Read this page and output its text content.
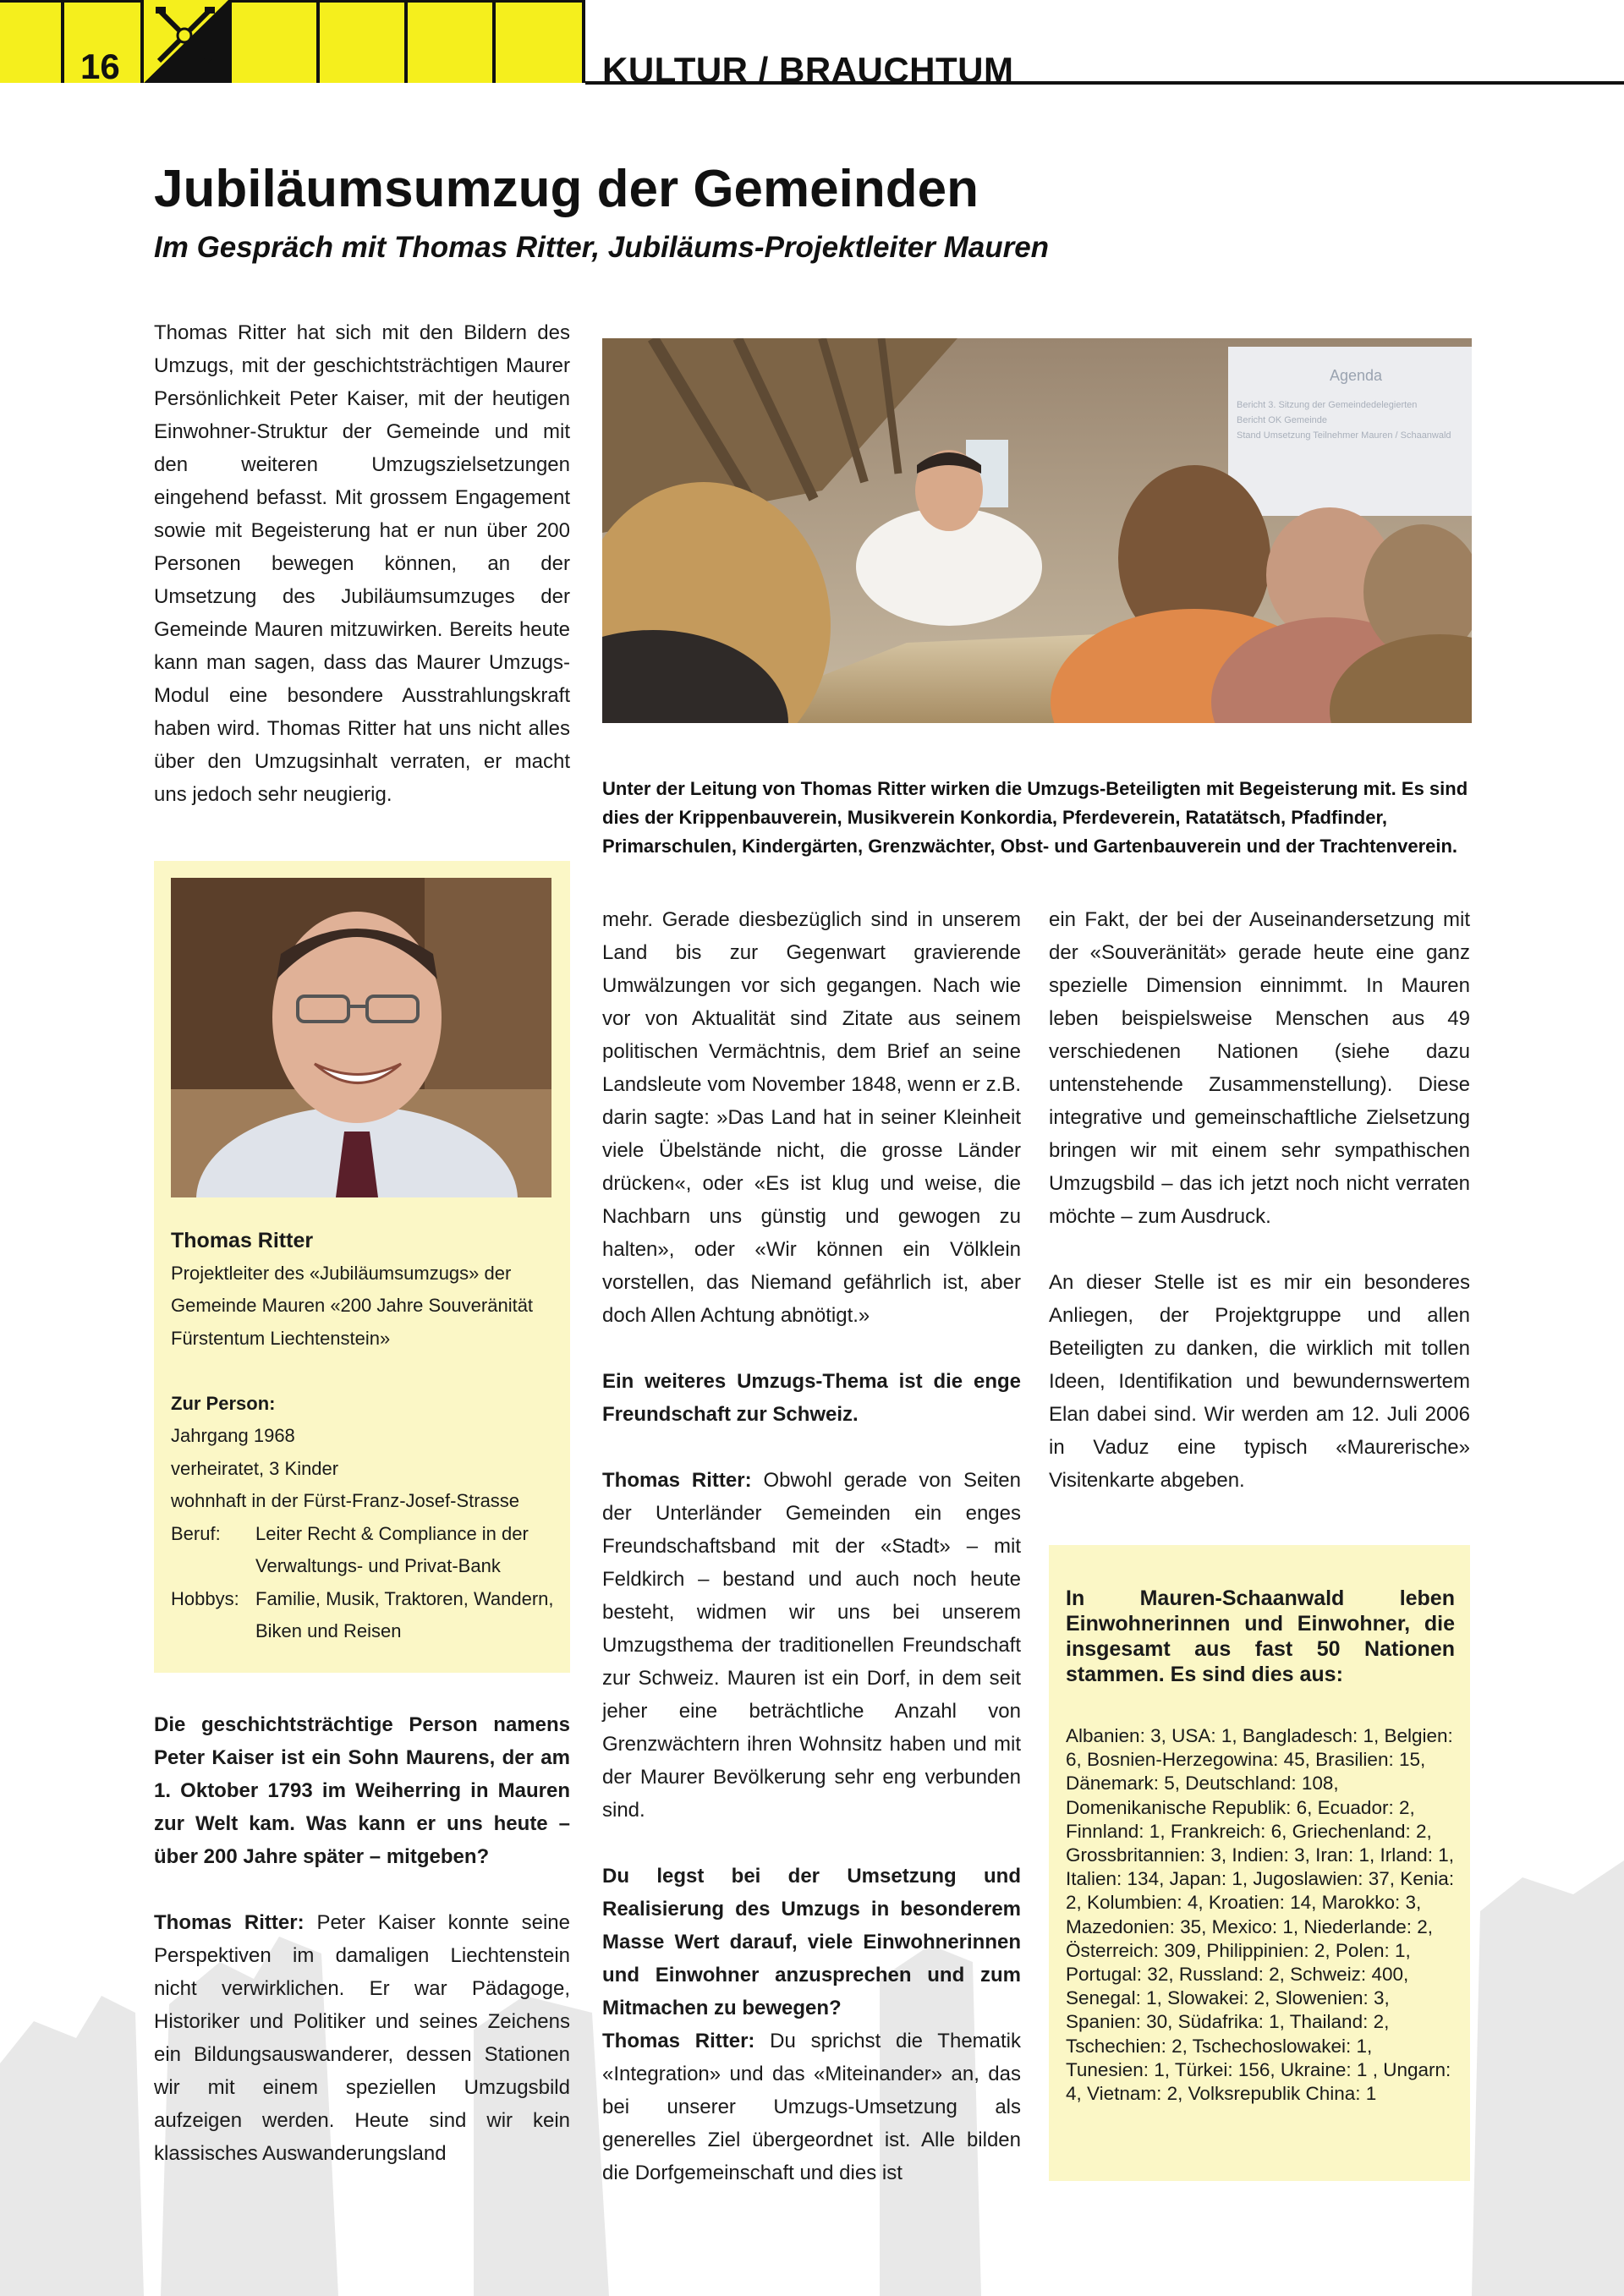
16	KULTUR / BRAUCHTUM
Jubiläumsumzug der Gemeinden
Im Gespräch mit Thomas Ritter, Jubiläums-Projektleiter Mauren

Thomas Ritter hat sich mit den Bildern des Umzugs, mit der geschichtsträchtigen Maurer Persönlichkeit Peter Kaiser, mit der heutigen Einwohner-Struktur der Gemeinde und mit den weiteren Umzugszielsetzungen eingehend befasst. Mit grossem Engagement sowie mit Begeisterung hat er nun über 200 Personen bewegen können, an der Umsetzung des Jubiläumsumzuges der Gemeinde Mauren mitzuwirken. Bereits heute kann man sagen, dass das Maurer Umzugs-Modul eine besondere Ausstrahlungskraft haben wird. Thomas Ritter hat uns nicht alles über den Umzugsinhalt verraten, er macht uns jedoch sehr neugierig.

Agenda
Bericht 3. Sitzung der Gemeindedelegierten
Bericht OK Gemeinde
Stand Umsetzung Teilnehmer Mauren / Schaanwald
Unter der Leitung von Thomas Ritter wirken die Umzugs-Beteiligten mit Begeisterung mit. Es sind dies der Krippenbauverein, Musikverein Konkordia, Pferdeverein, Ratatätsch, Pfadfinder, Primarschulen, Kindergärten, Grenzwächter, Obst- und Gartenbauverein und der Trachtenverein.
Thomas Ritter
Projektleiter des «Jubiläumsumzugs» der Gemeinde Mauren «200 Jahre Souveränität Fürstentum Liechtenstein»
Zur Person:
Jahrgang 1968
verheiratet, 3 Kinder
wohnhaft in der Fürst-Franz-Josef-Strasse
Beruf:	Leiter Recht & Compliance in der Verwaltungs- und Privat-Bank
Hobbys: Familie, Musik, Traktoren, Wandern, Biken und Reisen

Die geschichtsträchtige Person namens Peter Kaiser ist ein Sohn Maurens, der am 1. Oktober 1793 im Weiherring in Mauren zur Welt kam. Was kann er uns heute – über 200 Jahre später – mitgeben?

Thomas Ritter: Peter Kaiser konnte seine Perspektiven im damaligen Liechtenstein nicht verwirklichen. Er war Pädagoge, Historiker und Politiker und seines Zeichens ein Bildungsauswanderer, dessen Stationen wir mit einem speziellen Umzugsbild aufzeigen werden. Heute sind wir kein klassisches Auswanderungsland

mehr. Gerade diesbezüglich sind in unserem Land bis zur Gegenwart gravierende Umwälzungen vor sich gegangen. Nach wie vor von Aktualität sind Zitate aus seinem politischen Vermächtnis, dem Brief an seine Landsleute vom November 1848, wenn er z.B. darin sagte: »Das Land hat in seiner Kleinheit viele Übelstände nicht, die grosse Länder drücken«, oder «Es ist klug und weise, die Nachbarn uns günstig und gewogen zu halten», oder «Wir können ein Völklein vorstellen, das Niemand gefährlich ist, aber doch Allen Achtung abnötigt.»

Ein weiteres Umzugs-Thema ist die enge Freundschaft zur Schweiz.

Thomas Ritter: Obwohl gerade von Seiten der Unterländer Gemeinden ein enges Freundschaftsband mit der «Stadt» – mit Feldkirch – bestand und auch noch heute besteht, widmen wir uns bei unserem Umzugsthema der traditionellen Freundschaft zur Schweiz. Mauren ist ein Dorf, in dem seit jeher eine beträchtliche Anzahl von Grenzwächtern ihren Wohnsitz haben und mit der Maurer Bevölkerung sehr eng verbunden sind.

Du legst bei der Umsetzung und Realisierung des Umzugs in besonderem Masse Wert darauf, viele Einwohnerinnen und Einwohner anzusprechen und zum Mitmachen zu bewegen?

Thomas Ritter: Du sprichst die Thematik «Integration» und das «Miteinander» an, das bei unserer Umzugs-Umsetzung als generelles Ziel übergeordnet ist. Alle bilden die Dorfgemeinschaft und dies ist

ein Fakt, der bei der Auseinandersetzung mit der «Souveränität» gerade heute eine ganz spezielle Dimension einnimmt. In Mauren leben beispielsweise Menschen aus 49 verschiedenen Nationen (siehe dazu untenstehende Zusammenstellung). Diese integrative und gemeinschaftliche Zielsetzung bringen wir mit einem sehr sympathischen Umzugsbild – das ich jetzt noch nicht verraten möchte – zum Ausdruck.

An dieser Stelle ist es mir ein besonderes Anliegen, der Projektgruppe und allen Beteiligten zu danken, die wirklich mit tollen Ideen, Identifikation und bewundernswertem Elan dabei sind. Wir werden am 12. Juli 2006 in Vaduz eine typisch «Maurerische» Visitenkarte abgeben.

In Mauren-Schaanwald leben Einwohnerinnen und Einwohner, die insgesamt aus fast 50 Nationen stammen. Es sind dies aus:
Albanien: 3, USA: 1, Bangladesch: 1, Belgien: 6, Bosnien-Herzegowina: 45, Brasilien: 15, Dänemark: 5, Deutschland: 108, Domenikanische Republik: 6, Ecuador: 2, Finnland: 1, Frankreich: 6, Griechenland: 2, Grossbritannien: 3, Indien: 3, Iran: 1, Irland: 1, Italien: 134, Japan: 1, Jugoslawien: 37, Kenia: 2, Kolumbien: 4, Kroatien: 14, Marokko: 3, Mazedonien: 35, Mexico: 1, Niederlande: 2, Österreich: 309, Philippinien: 2, Polen: 1, Portugal: 32, Russland: 2, Schweiz: 400, Senegal: 1, Slowakei: 2, Slowenien: 3, Spanien: 30, Südafrika: 1, Thailand: 2, Tschechien: 2, Tschechoslowakei: 1, Tunesien: 1, Türkei: 156, Ukraine: 1 , Ungarn: 4, Vietnam: 2, Volksrepublik China: 1
